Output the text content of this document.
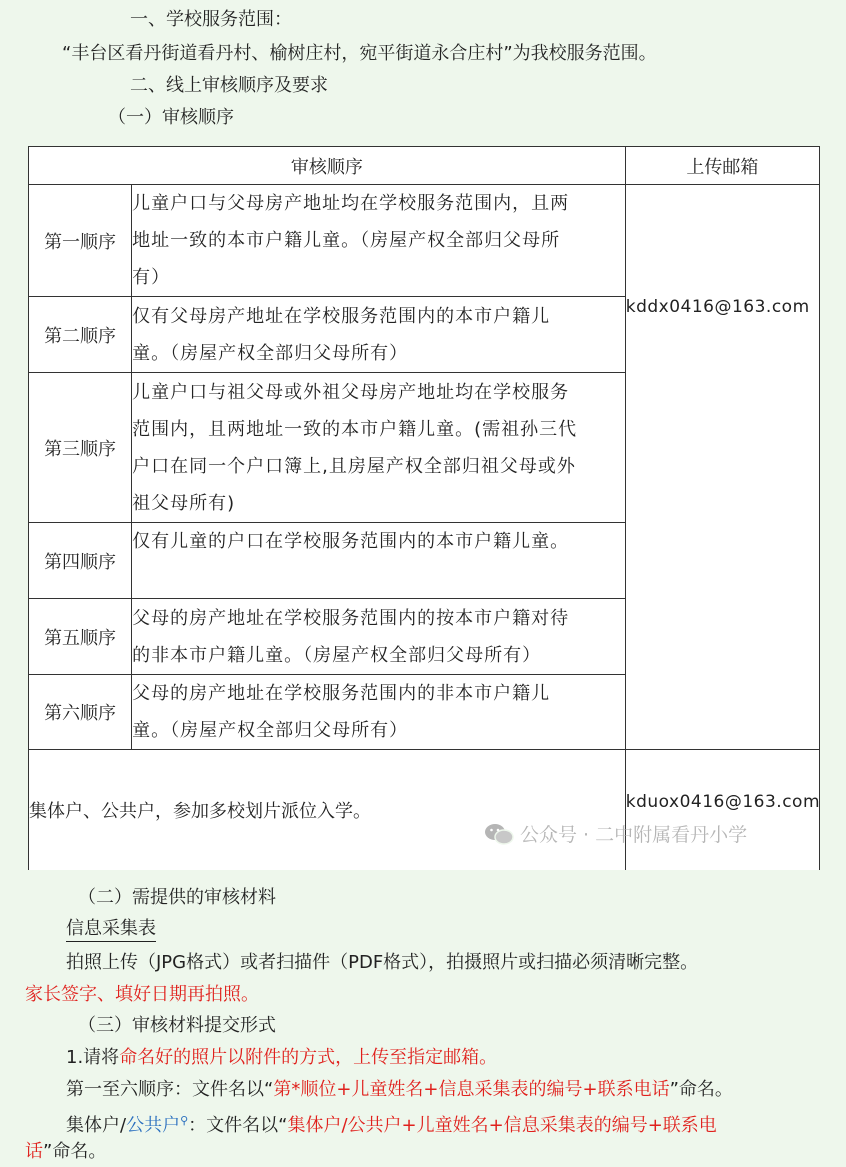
一、学校服务范围：
“丰台区看丹街道看丹村、榆树庄村，宛平街道永合庄村”为我校服务范围。
二、线上审核顺序及要求
（一）审核顺序
审核顺序		上传邮箱
第一顺序	儿童户口与父母房产地址均在学校服务范围内，且两
地址一致的本市户籍儿童。（房屋产权全部归父母所
有）	kddx0416@163.com
第二顺序	仅有父母房产地址在学校服务范围内的本市户籍儿
童。（房屋产权全部归父母所有）	

第三顺序	儿童户口与祖父母或外祖父母房产地址均在学校服务
范围内，且两地址一致的本市户籍儿童。(需祖孙三代
户口在同一个户口簿上,且房屋产权全部归祖父母或外
祖父母所有)	

第四顺序	仅有儿童的户口在学校服务范围内的本市户籍儿童。	

第五顺序	父母的房产地址在学校服务范围内的按本市户籍对待
的非本市户籍儿童。（房屋产权全部归父母所有）	

第六顺序	父母的房产地址在学校服务范围内的非本市户籍儿
童。（房屋产权全部归父母所有）	

集体户、公共户，参加多校划片派位入学。		kduox0416@163.com
公众号 · 二中附属看丹小学
（二）需提供的审核材料
信息采集表
拍照上传（JPG格式）或者扫描件（PDF格式），拍摄照片或扫描必须清晰完整。
家长签字、填好日期再拍照。
（三）审核材料提交形式
1.请将命名好的照片以附件的方式，上传至指定邮箱。
第一至六顺序：文件名以“第*顺位+儿童姓名+信息采集表的编号+联系电话”命名。
集体户/公共户⚲：文件名以“集体户/公共户+儿童姓名+信息采集表的编号+联系电
话”命名。
